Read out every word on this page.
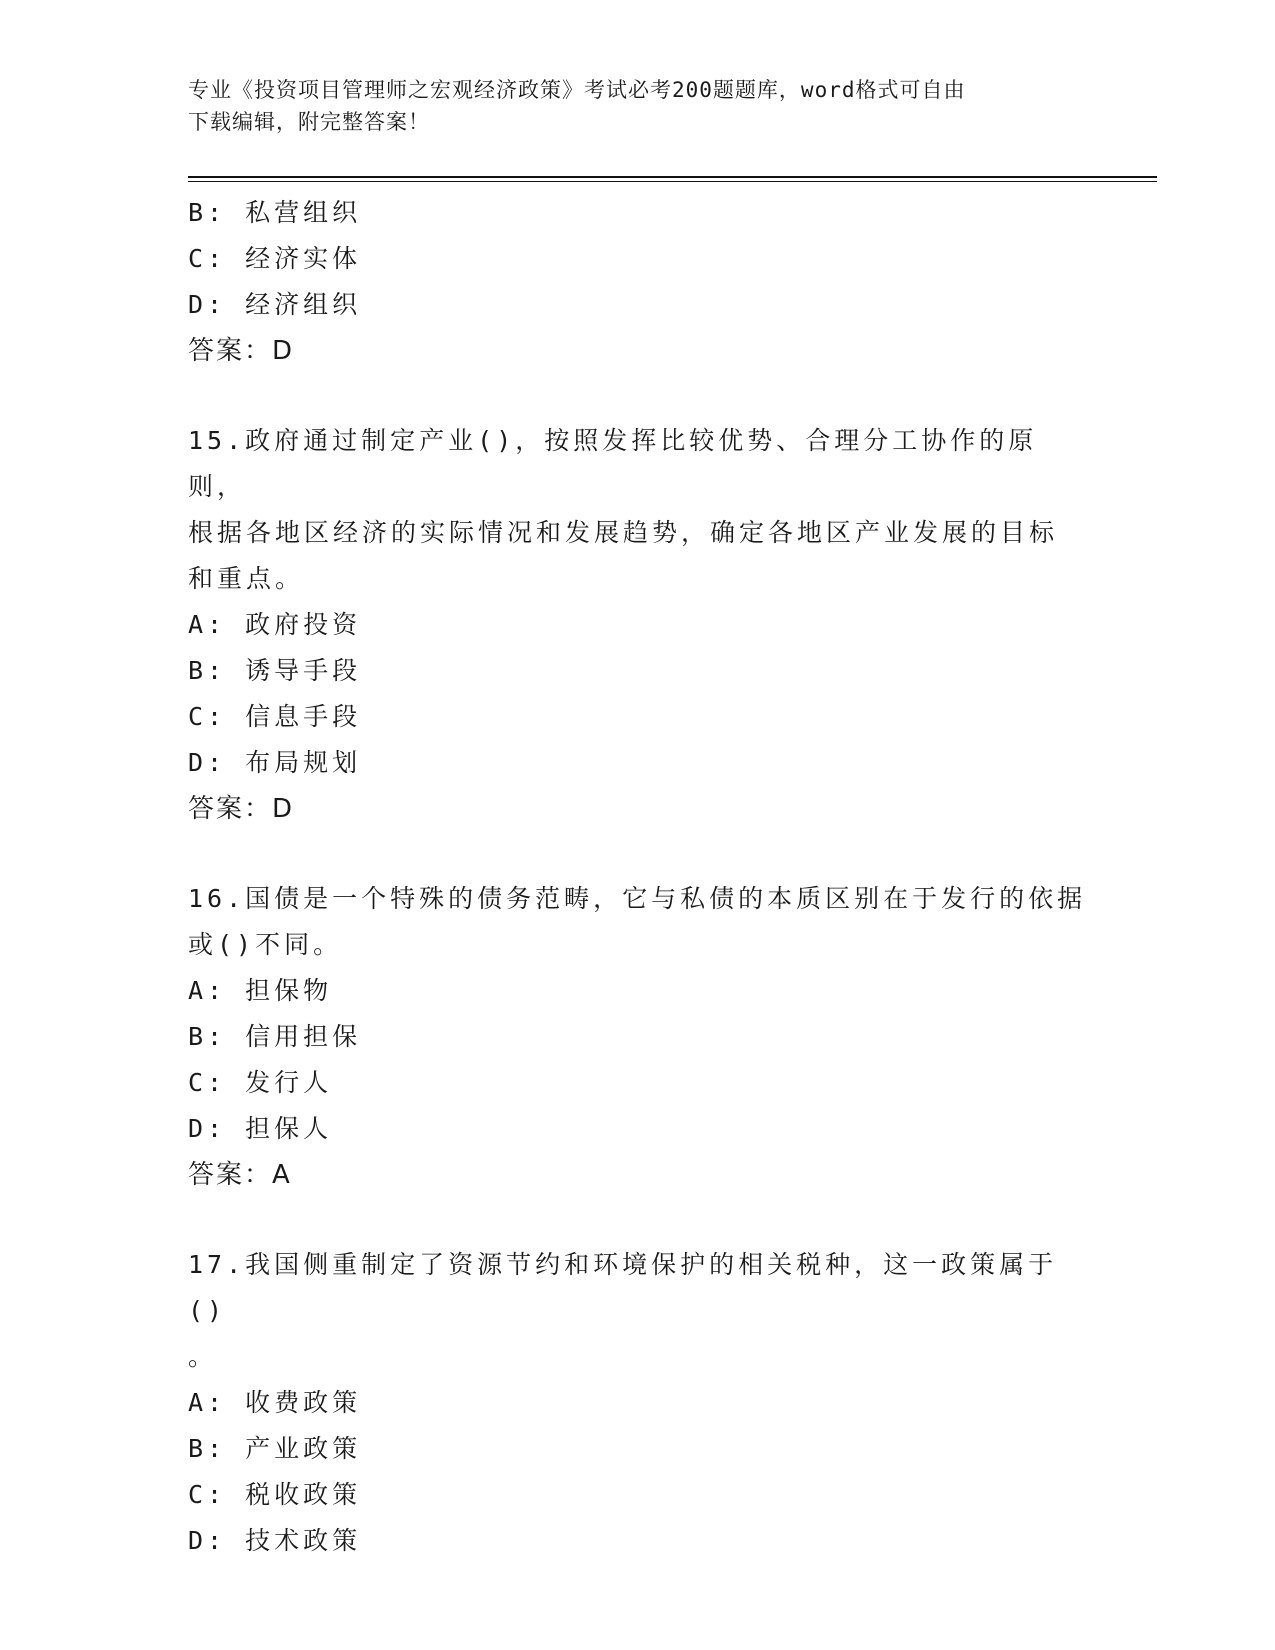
专业《投资项目管理师之宏观经济政策》考试必考200题题库，word格式可自由
下载编辑，附完整答案！
B: 私营组织
C: 经济实体
D: 经济组织
答案：D
15.政府通过制定产业()，按照发挥比较优势、合理分工协作的原则，
根据各地区经济的实际情况和发展趋势，确定各地区产业发展的目标
和重点。
A: 政府投资
B: 诱导手段
C: 信息手段
D: 布局规划
答案：D
16.国债是一个特殊的债务范畴，它与私债的本质区别在于发行的依据
或()不同。
A: 担保物
B: 信用担保
C: 发行人
D: 担保人
答案：A
17.我国侧重制定了资源节约和环境保护的相关税种，这一政策属于()
。
A: 收费政策
B: 产业政策
C: 税收政策
D: 技术政策
